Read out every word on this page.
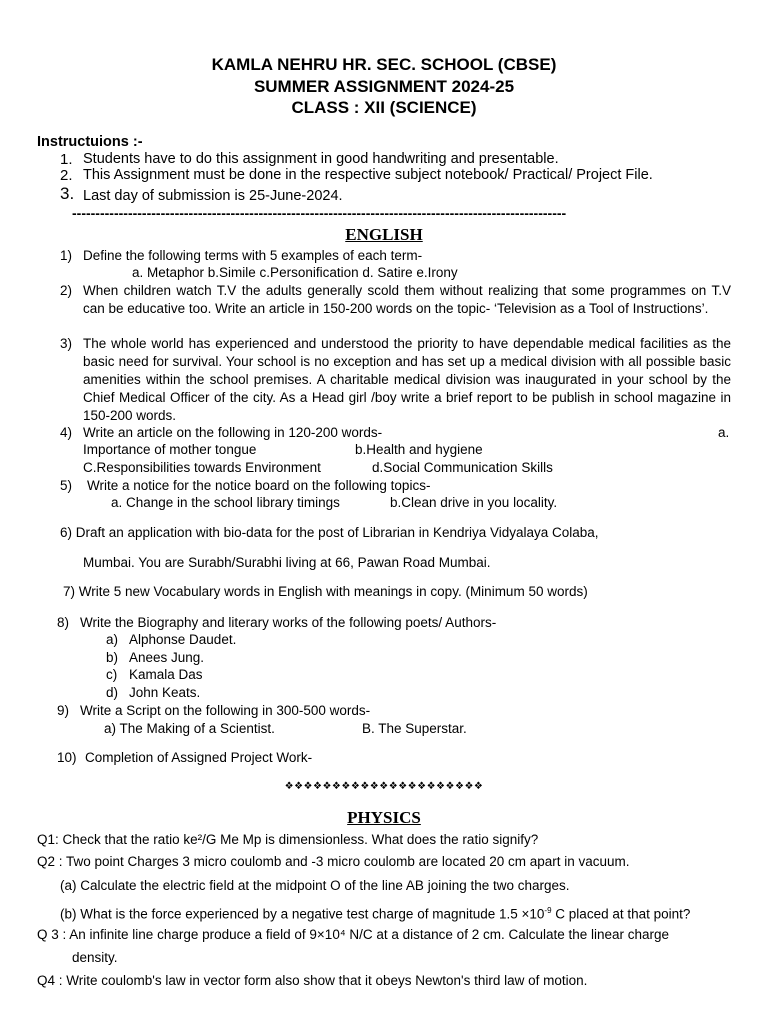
KAMLA NEHRU HR. SEC. SCHOOL (CBSE)
SUMMER ASSIGNMENT 2024-25
CLASS : XII (SCIENCE)
Instructuions :-
1. Students have to do this assignment in good handwriting and presentable.
2. This Assignment must be done in the respective subject notebook/ Practical/ Project File.
3. Last day of submission is 25-June-2024.
----------------------------------------------------------------------------------------------------------
ENGLISH
1) Define the following terms with 5 examples of each term-
a. Metaphor b.Simile c.Personification d. Satire e.Irony
2) When children watch T.V the adults generally scold them without realizing that some programmes on T.V can be educative too. Write an article in 150-200 words on the topic- ‘Television as a Tool of Instructions’.
3) The whole world has experienced and understood the priority to have dependable medical facilities as the basic need for survival. Your school is no exception and has set up a medical division with all possible basic amenities within the school premises. A charitable medical division was inaugurated in your school by the Chief Medical Officer of the city. As a Head girl /boy write a brief report to be publish in school magazine in 150-200 words.
4) Write an article on the following in 120-200 words-	a.
Importance of mother tongue	b.Health and hygiene
C.Responsibilities towards Environment	d.Social Communication Skills
5) Write a notice for the notice board on the following topics-
a. Change in the school library timings	b.Clean drive in you locality.
6) Draft an application with bio-data for the post of Librarian in Kendriya Vidyalaya Colaba,
Mumbai. You are Surabh/Surabhi living at 66, Pawan Road Mumbai.
7) Write 5 new Vocabulary words in English with meanings in copy. (Minimum 50 words)
8) Write the Biography and literary works of the following poets/ Authors-
a) Alphonse Daudet.
b) Anees Jung.
c) Kamala Das
d) John Keats.
9) Write a Script on the following in 300-500 words-
a) The Making of a Scientist.	B. The Superstar.
10) Completion of Assigned Project Work-
❖❖❖❖❖❖❖❖❖❖❖❖❖❖❖❖❖❖❖❖❖
PHYSICS
Q1: Check that the ratio ke²/G Me Mp is dimensionless. What does the ratio signify?
Q2 : Two point Charges 3 micro coulomb and -3 micro coulomb are located 20 cm apart in vacuum.
(a) Calculate the electric field at the midpoint O of the line AB joining the two charges.
(b) What is the force experienced by a negative test charge of magnitude $1.5 \times 10^{-9}$ C placed at that point?
Q 3 : An infinite line charge produce a field of 9×10⁴ N/C at a distance of 2 cm. Calculate the linear charge
density.
Q4 : Write coulomb's law in vector form also show that it obeys Newton's third law of motion.
